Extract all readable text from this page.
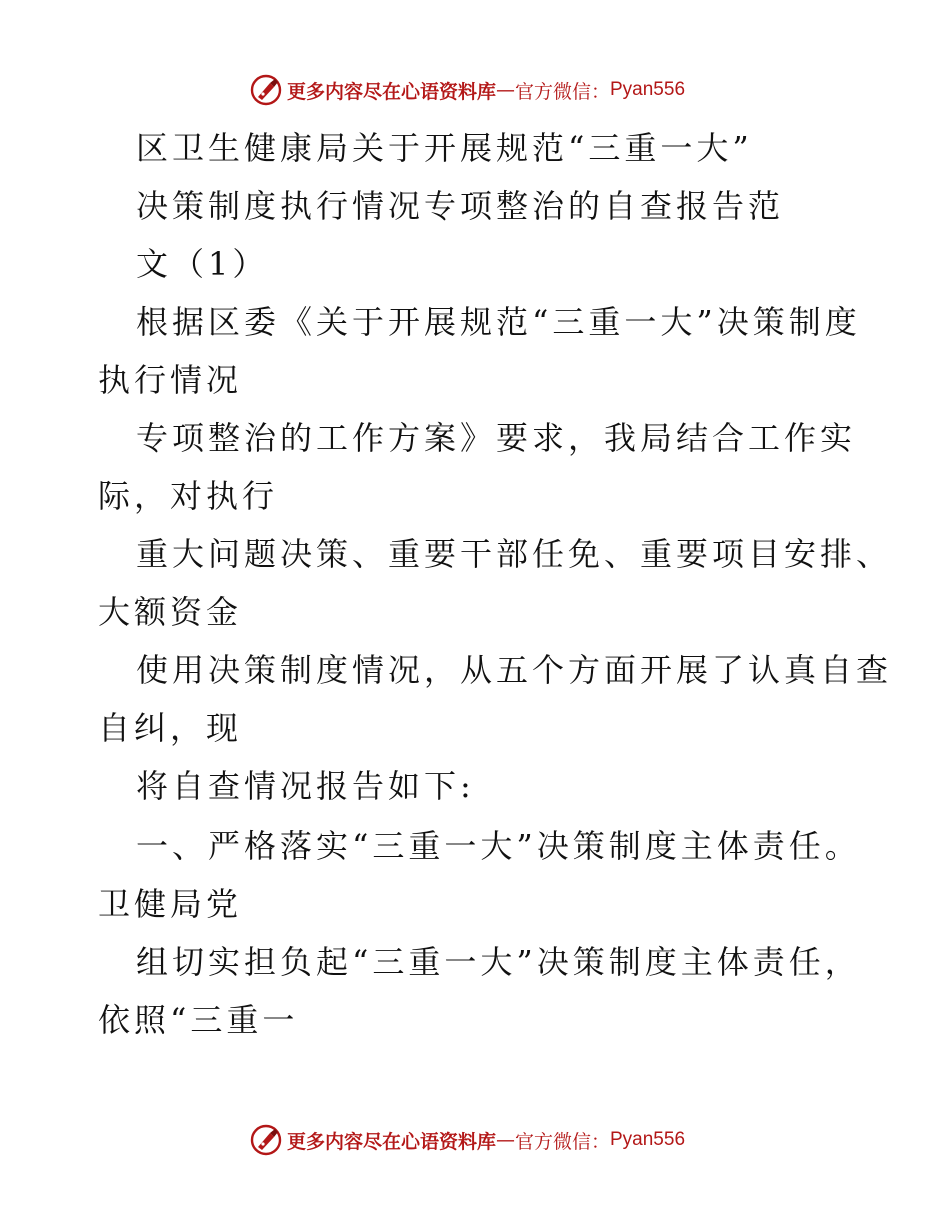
更多内容尽在心语资料库 — 官方微信： Pyan556
区卫生健康局关于开展规范“三重一大”
决策制度执行情况专项整治的自查报告范
文（1）
根据区委《关于开展规范“三重一大”决策制度
执行情况
专项整治的工作方案》要求，我局结合工作实
际，对执行
重大问题决策、重要干部任免、重要项目安排、
大额资金
使用决策制度情况，从五个方面开展了认真自查
自纠，现
将自查情况报告如下:
一、严格落实“三重一大”决策制度主体责任。
卫健局党
组切实担负起“三重一大”决策制度主体责任，
依照“三重一
更多内容尽在心语资料库 — 官方微信： Pyan556
